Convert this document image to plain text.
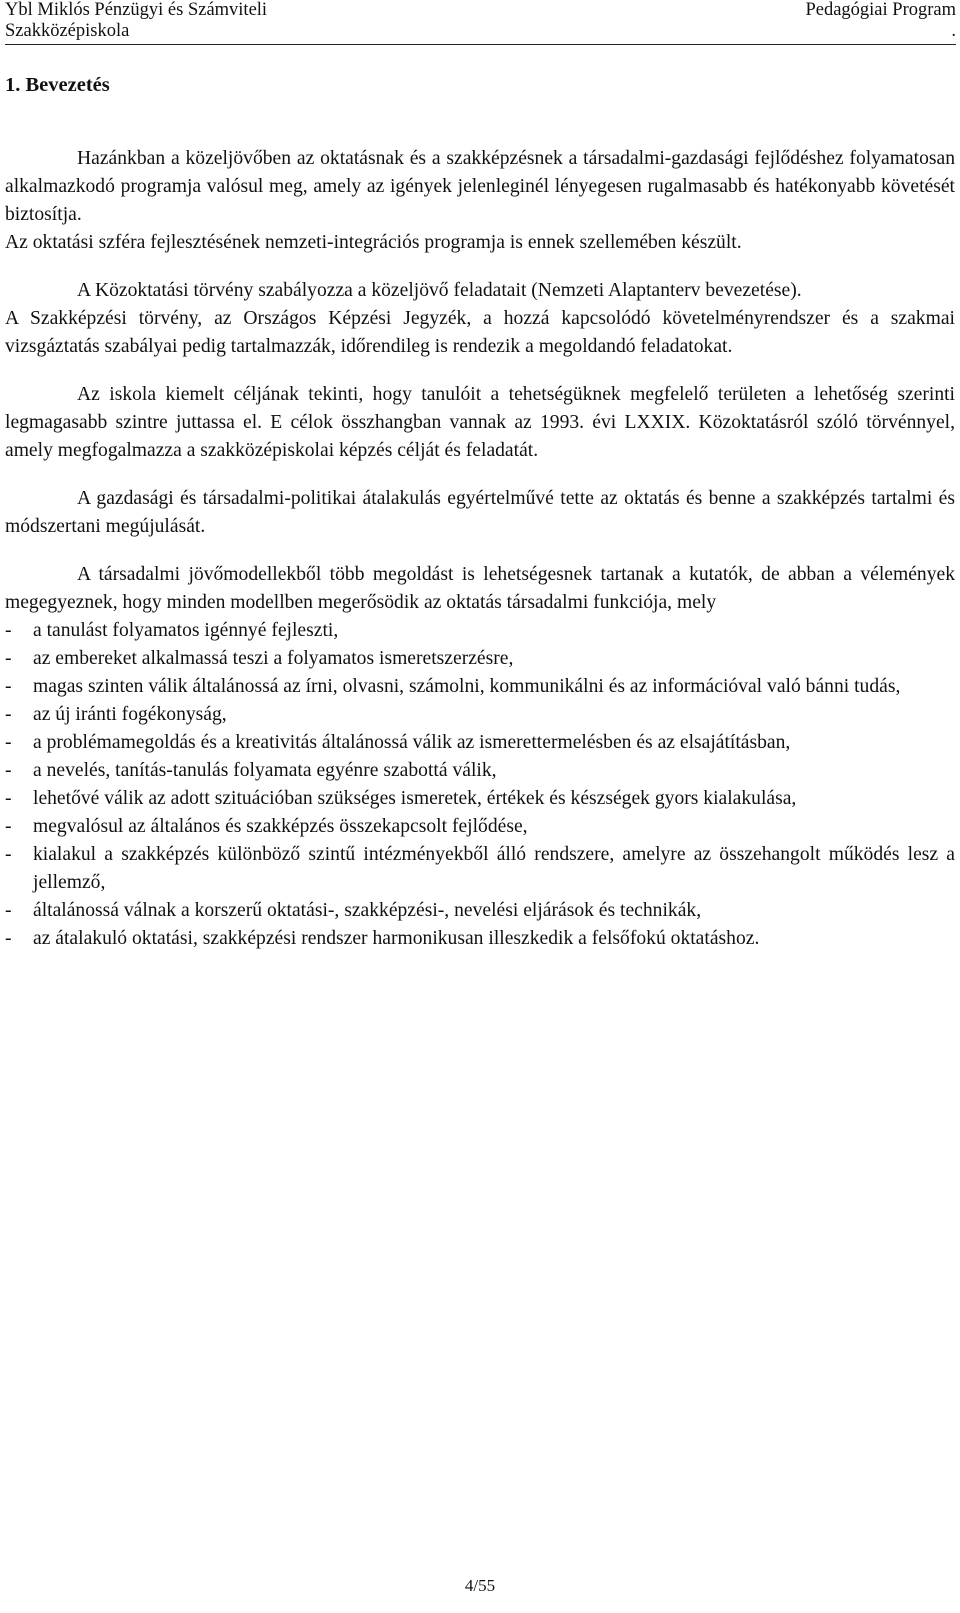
Ybl Miklós Pénzügyi és Számviteli
Szakközépiskola
Pedagógiai Program
.
1. Bevezetés

Hazánkban a közeljövőben az oktatásnak és a szakképzésnek a társadalmi-gazdasági fejlődéshez folyamatosan alkalmazkodó programja valósul meg, amely az igények jelenleginél lényegesen rugalmasabb és hatékonyabb követését biztosítja.

Az oktatási szféra fejlesztésének nemzeti-integrációs programja is ennek szellemében készült.

A Közoktatási törvény szabályozza a közeljövő feladatait (Nemzeti Alaptanterv bevezetése).

A Szakképzési törvény, az Országos Képzési Jegyzék, a hozzá kapcsolódó követelményrendszer és a szakmai vizsgáztatás szabályai pedig tartalmazzák, időrendileg is rendezik a megoldandó feladatokat.

Az iskola kiemelt céljának tekinti, hogy tanulóit a tehetségüknek megfelelő területen a lehetőség szerinti legmagasabb szintre juttassa el. E célok összhangban vannak az 1993. évi LXXIX. Közoktatásról szóló törvénnyel, amely megfogalmazza a szakközépiskolai képzés célját és feladatát.

A gazdasági és társadalmi-politikai átalakulás egyértelművé tette az oktatás és benne a szakképzés tartalmi és módszertani megújulását.

A társadalmi jövőmodellekből több megoldást is lehetségesnek tartanak a kutatók, de abban a vélemények megegyeznek, hogy minden modellben megerősödik az oktatás társadalmi funkciója, mely

- a tanulást folyamatos igénnyé fejleszti,
- az embereket alkalmassá teszi a folyamatos ismeretszerzésre,
- magas szinten válik általánossá az írni, olvasni, számolni, kommunikálni és az információval való bánni tudás,
- az új iránti fogékonyság,
- a problémamegoldás és a kreativitás általánossá válik az ismerettermelésben és az elsajátításban,
- a nevelés, tanítás-tanulás folyamata egyénre szabottá válik,
- lehetővé válik az adott szituációban szükséges ismeretek, értékek és készségek gyors kialakulása,
- megvalósul az általános és szakképzés összekapcsolt fejlődése,
- kialakul a szakképzés különböző szintű intézményekből álló rendszere, amelyre az összehangolt működés lesz a jellemző,
- általánossá válnak a korszerű oktatási-, szakképzési-, nevelési eljárások és technikák,
- az átalakuló oktatási, szakképzési rendszer harmonikusan illeszkedik a felsőfokú oktatáshoz.
4/55
